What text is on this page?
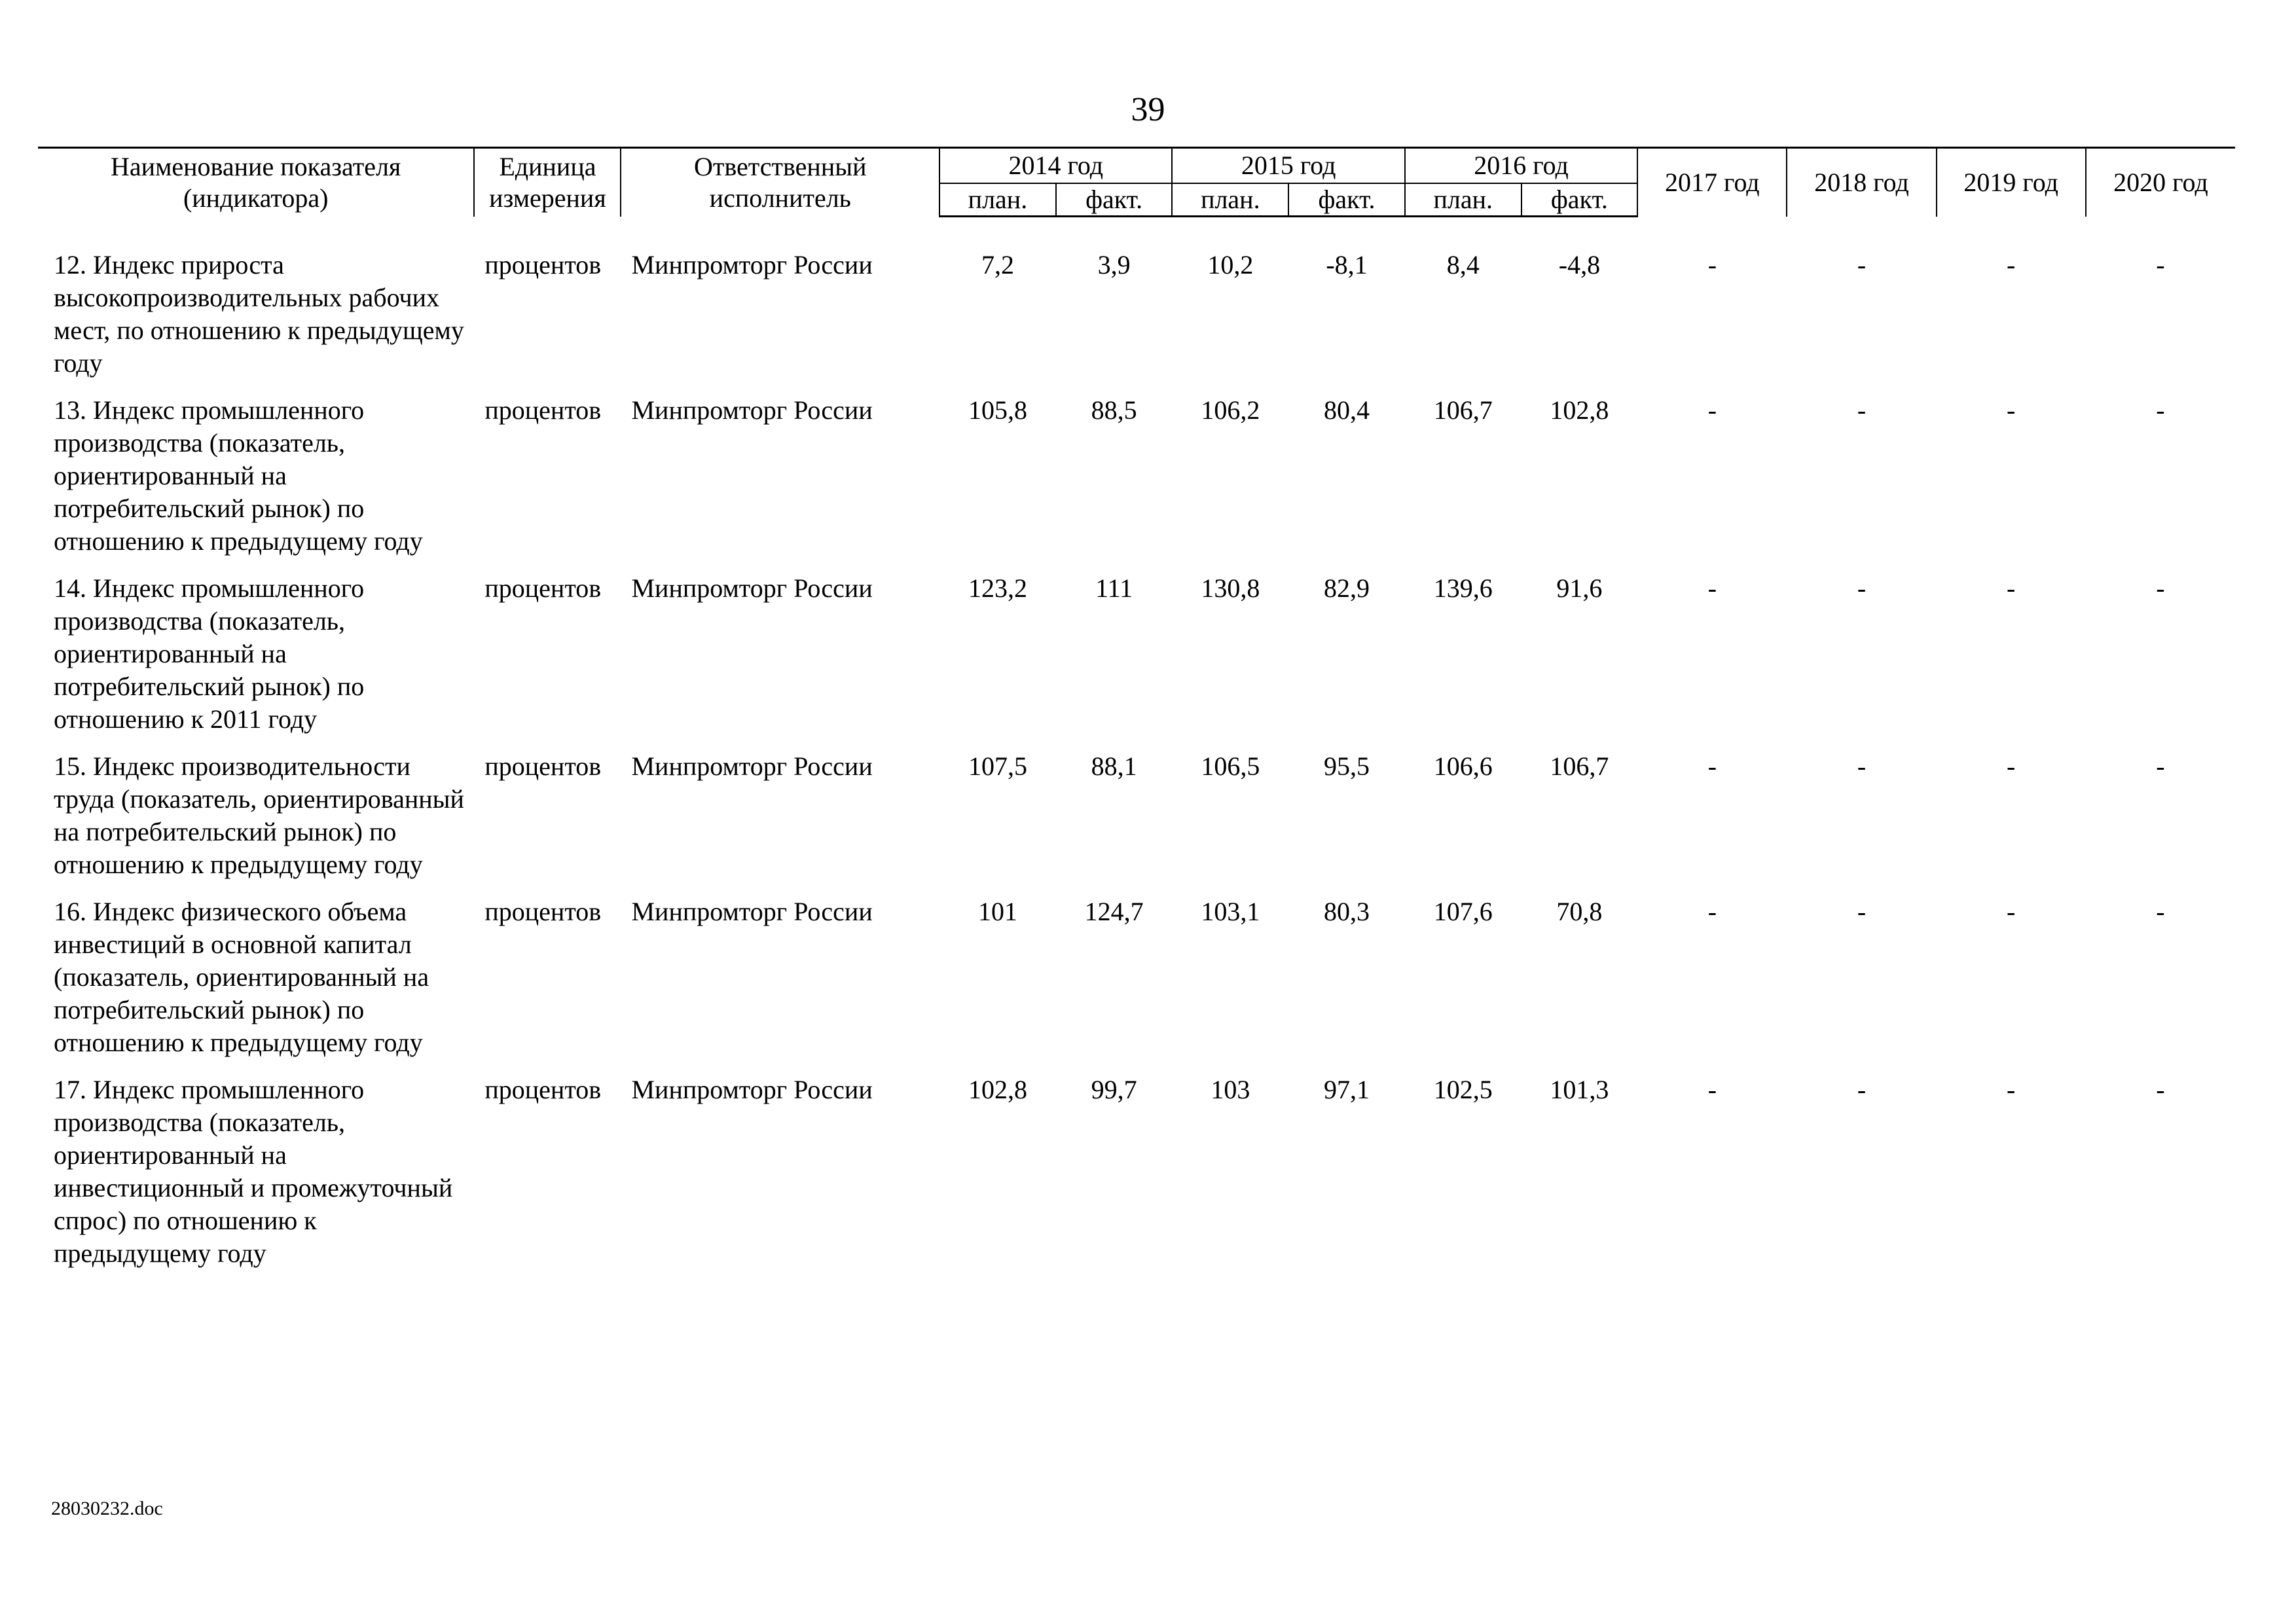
39
Наименование показателя (индикатора)	Единица измерения	Ответственный исполнитель	2014 год		2015 год		2016 год		2017 год	2018 год	2019 год	2020 год
			план.	факт.	план.	факт.	план.	факт.				

12. Индекс прироста высокопроизводительных рабочих мест, по отношению к предыдущему году	процентов	Минпромторг России	7,2	3,9	10,2	-8,1	8,4	-4,8	-	-	-	-
13. Индекс промышленного производства (показатель, ориентированный на потребительский рынок) по отношению к предыдущему году	процентов	Минпромторг России	105,8	88,5	106,2	80,4	106,7	102,8	-	-	-	-
14. Индекс промышленного производства (показатель, ориентированный на потребительский рынок) по отношению к 2011 году	процентов	Минпромторг России	123,2	111	130,8	82,9	139,6	91,6	-	-	-	-
15. Индекс производительности труда (показатель, ориентированный на потребительский рынок) по отношению к предыдущему году	процентов	Минпромторг России	107,5	88,1	106,5	95,5	106,6	106,7	-	-	-	-
16. Индекс физического объема инвестиций в основной капитал (показатель, ориентированный на потребительский рынок) по отношению к предыдущему году	процентов	Минпромторг России	101	124,7	103,1	80,3	107,6	70,8	-	-	-	-
17. Индекс промышленного производства (показатель, ориентированный на инвестиционный и промежуточный спрос) по отношению к предыдущему году	процентов	Минпромторг России	102,8	99,7	103	97,1	102,5	101,3	-	-	-	-
28030232.doc
